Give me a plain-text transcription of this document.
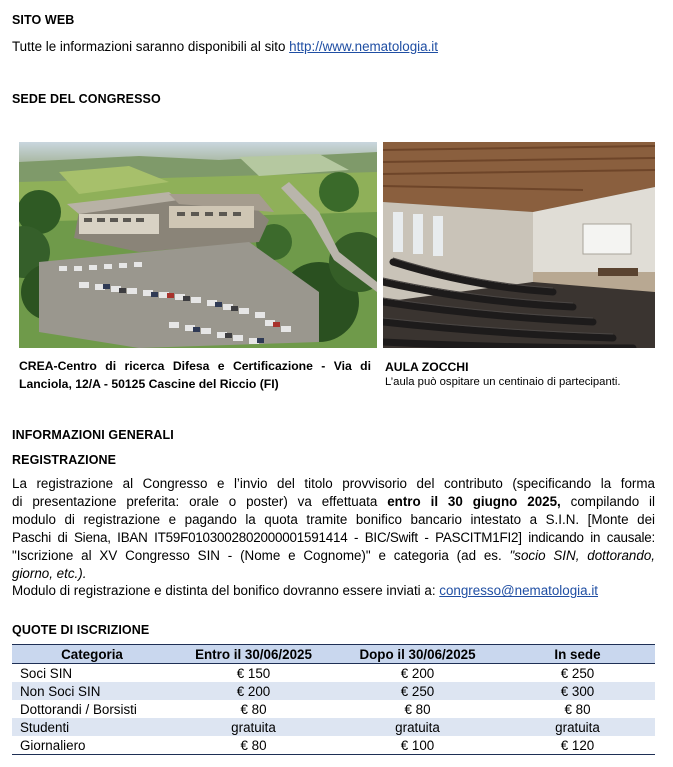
SITO WEB
Tutte le informazioni saranno disponibili al sito http://www.nematologia.it
SEDE DEL CONGRESSO
CREA-Centro di ricerca Difesa e Certificazione - Via di
Lanciola, 12/A - 50125 Cascine del Riccio (FI)
AULA ZOCCHI
L’aula può ospitare un centinaio di partecipanti.
INFORMAZIONI GENERALI
REGISTRAZIONE
La registrazione al Congresso e l’invio del titolo provvisorio del contributo (specificando la forma
di presentazione preferita: orale o poster) va effettuata entro il 30 giugno 2025, compilando il
modulo di registrazione e pagando la quota tramite bonifico bancario intestato a S.I.N. [Monte dei
Paschi di Siena, IBAN IT59F0103002802000001591414 - BIC/Swift - PASCITM1FI2] indicando in causale:
"Iscrizione al XV Congresso SIN - (Nome e Cognome)" e categoria (ad es. "socio SIN, dottorando,
giorno, etc.).
Modulo di registrazione e distinta del bonifico dovranno essere inviati a: congresso@nematologia.it
QUOTE DI ISCRIZIONE
Categoria	Entro il 30/06/2025	Dopo il 30/06/2025	In sede
Soci SIN	€ 150	€ 200	€ 250
Non Soci SIN	€ 200	€ 250	€ 300
Dottorandi / Borsisti	€ 80	€ 80	€ 80
Studenti	gratuita	gratuita	gratuita
Giornaliero	€ 80	€ 100	€ 120
